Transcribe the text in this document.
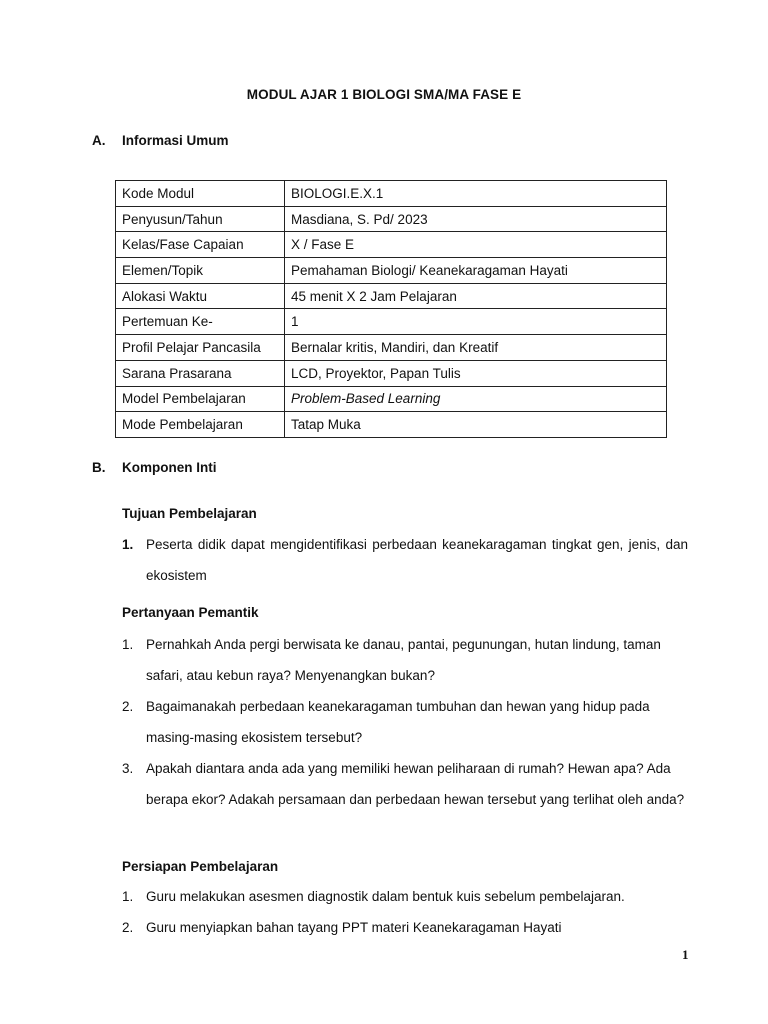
MODUL AJAR 1 BIOLOGI SMA/MA FASE E
A. Informasi Umum
Kode Modul	BIOLOGI.E.X.1
Penyusun/Tahun	Masdiana, S. Pd/ 2023
Kelas/Fase Capaian	X / Fase E
Elemen/Topik	Pemahaman Biologi/ Keanekaragaman Hayati
Alokasi Waktu	45 menit X 2 Jam Pelajaran
Pertemuan Ke-	1
Profil Pelajar Pancasila	Bernalar kritis, Mandiri, dan Kreatif
Sarana Prasarana	LCD, Proyektor, Papan Tulis
Model Pembelajaran	Problem-Based Learning
Mode Pembelajaran	Tatap Muka
B. Komponen Inti
Tujuan Pembelajaran
1. Peserta didik dapat mengidentifikasi perbedaan keanekaragaman tingkat gen, jenis, dan ekosistem
Pertanyaan Pemantik
1. Pernahkah Anda pergi berwisata ke danau, pantai, pegunungan, hutan lindung, taman safari, atau kebun raya? Menyenangkan bukan?
2. Bagaimanakah perbedaan keanekaragaman tumbuhan dan hewan yang hidup pada masing-masing ekosistem tersebut?
3. Apakah diantara anda ada yang memiliki hewan peliharaan di rumah? Hewan apa? Ada berapa ekor? Adakah persamaan dan perbedaan hewan tersebut yang terlihat oleh anda?
Persiapan Pembelajaran
1. Guru melakukan asesmen diagnostik dalam bentuk kuis sebelum pembelajaran.
2. Guru menyiapkan bahan tayang PPT materi Keanekaragaman Hayati
1
